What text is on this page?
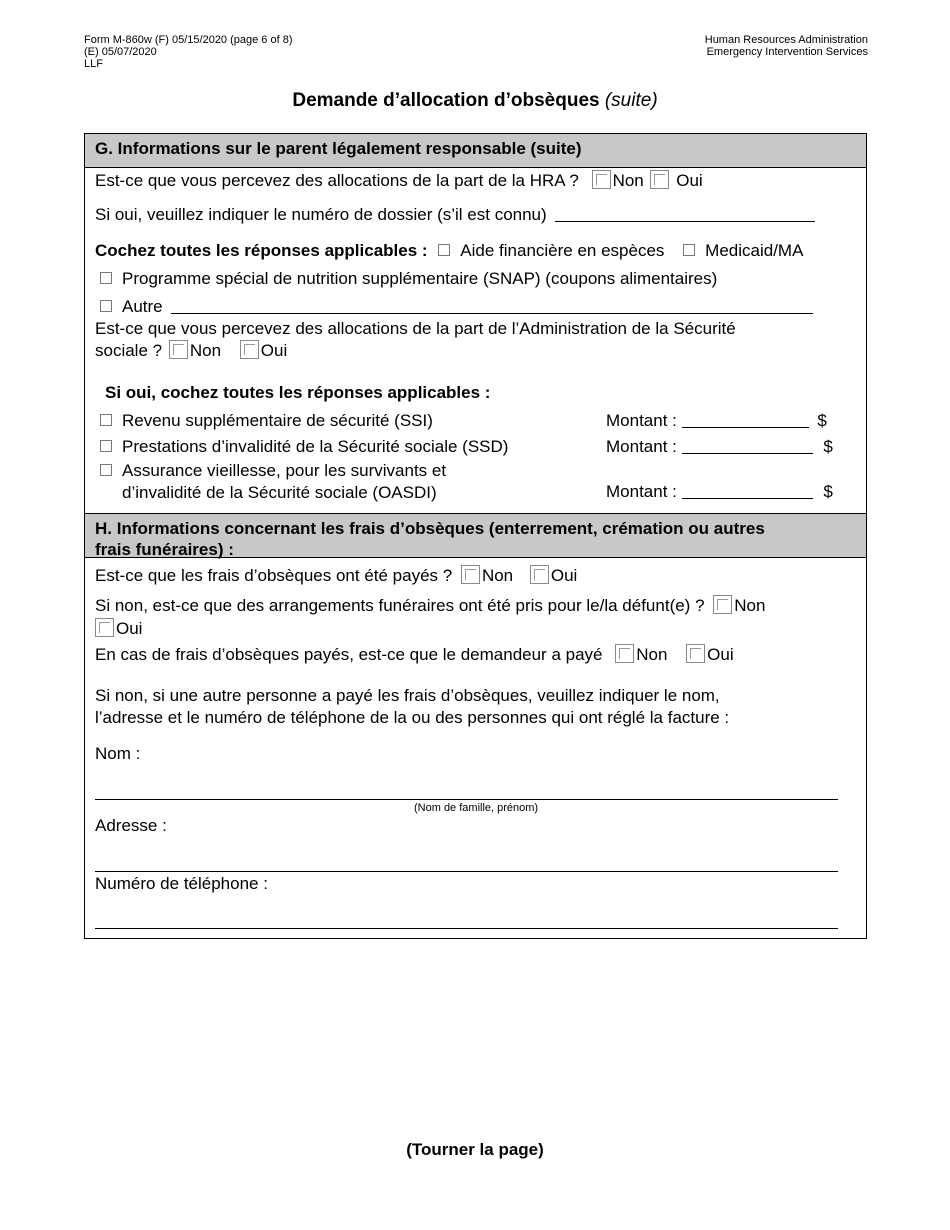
Form M-860w (F) 05/15/2020 (page 6 of 8)
(E) 05/07/2020
LLF
Human Resources Administration
Emergency Intervention Services
Demande d’allocation d’obsèques (suite)
G. Informations sur le parent légalement responsable (suite)
Est-ce que vous percevez des allocations de la part de la HRA ? Non Oui
Si oui, veuillez indiquer le numéro de dossier (s’il est connu)
Cochez toutes les réponses applicables : Aide financière en espèces Medicaid/MA
Programme spécial de nutrition supplémentaire (SNAP) (coupons alimentaires)
Autre
Est-ce que vous percevez des allocations de la part de l’Administration de la Sécurité
sociale ? Non Oui
Si oui, cochez toutes les réponses applicables :
Revenu supplémentaire de sécurité (SSI)	Montant :	$
Prestations d’invalidité de la Sécurité sociale (SSD)	Montant :	$
Assurance vieillesse, pour les survivants et
d’invalidité de la Sécurité sociale (OASDI)	Montant :	$
H. Informations concernant les frais d’obsèques (enterrement, crémation ou autres
frais funéraires) :
Est-ce que les frais d’obsèques ont été payés ? Non Oui
Si non, est-ce que des arrangements funéraires ont été pris pour le/la défunt(e) ? Non
Oui
En cas de frais d’obsèques payés, est-ce que le demandeur a payé Non Oui
Si non, si une autre personne a payé les frais d’obsèques, veuillez indiquer le nom,
l’adresse et le numéro de téléphone de la ou des personnes qui ont réglé la facture :
Nom :
(Nom de famille, prénom)
Adresse :
Numéro de téléphone :
(Tourner la page)
